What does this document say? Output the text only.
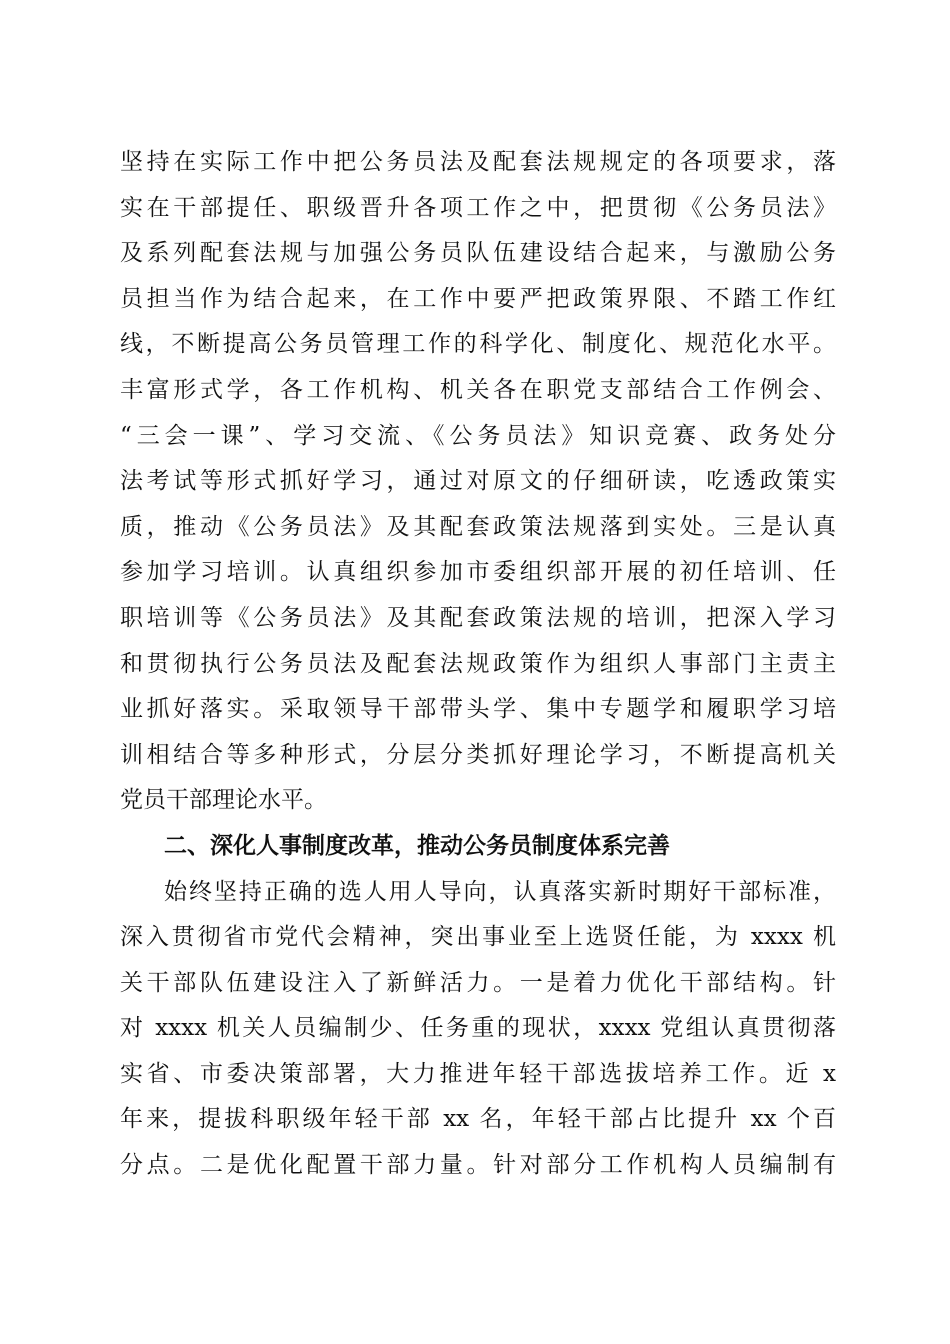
坚持在实际工作中把公务员法及配套法规规定的各项要求，落
实在干部提任、职级晋升各项工作之中，把贯彻《公务员法》
及系列配套法规与加强公务员队伍建设结合起来，与激励公务
员担当作为结合起来，在工作中要严把政策界限、不踏工作红
线，不断提高公务员管理工作的科学化、制度化、规范化水平。
丰富形式学，各工作机构、机关各在职党支部结合工作例会、
“三会一课”、学习交流、《公务员法》知识竞赛、政务处分
法考试等形式抓好学习，通过对原文的仔细研读，吃透政策实
质，推动《公务员法》及其配套政策法规落到实处。三是认真
参加学习培训。认真组织参加市委组织部开展的初任培训、任
职培训等《公务员法》及其配套政策法规的培训，把深入学习
和贯彻执行公务员法及配套法规政策作为组织人事部门主责主
业抓好落实。采取领导干部带头学、集中专题学和履职学习培
训相结合等多种形式，分层分类抓好理论学习，不断提高机关
党员干部理论水平。
二、深化人事制度改革，推动公务员制度体系完善
始终坚持正确的选人用人导向，认真落实新时期好干部标准，
深入贯彻省市党代会精神，突出事业至上选贤任能，为 xxxx 机
关干部队伍建设注入了新鲜活力。一是着力优化干部结构。针
对 xxxx 机关人员编制少、任务重的现状，xxxx 党组认真贯彻落
实省、市委决策部署，大力推进年轻干部选拔培养工作。近 x
年来，提拔科职级年轻干部 xx 名，年轻干部占比提升 xx 个百
分点。二是优化配置干部力量。针对部分工作机构人员编制有
